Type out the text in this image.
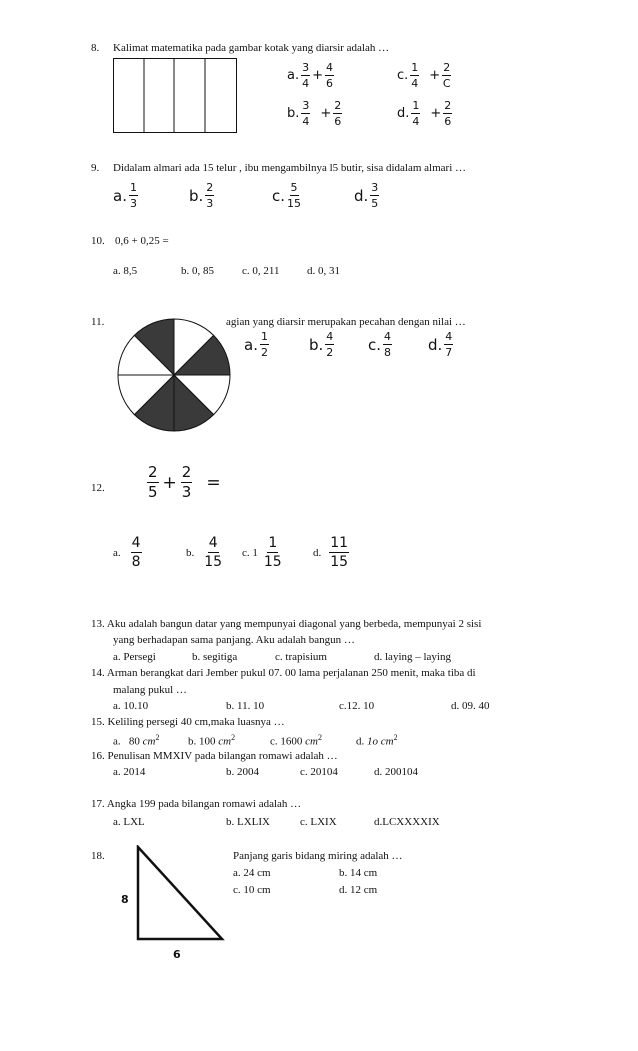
8. Kalimat matematika pada gambar kotak yang diarsir adalah …
a. $\frac{3}{4} + \frac{4}{6}$	c. $\frac{1}{4} + \frac{2}{C}$
b. $\frac{3}{4} + \frac{2}{6}$	d. $\frac{1}{4} + \frac{2}{6}$
9. Didalam almari ada 15 telur , ibu mengambilnya l5 butir, sisa didalam almari …
a. $\frac{1}{3}$	b. $\frac{2}{3}$	c. $\frac{5}{15}$	d. $\frac{3}{5}$
10. 0,6 + 0,25 =
a. 8,5	b. 0, 85	c. 0, 211	d. 0, 31
11.	agian yang diarsir merupakan pecahan dengan nilai …
a. $\frac{1}{2}$	b. $\frac{4}{2} c$. $\frac{4}{8} d$. $\frac{4}{7}$
12.	$\frac{2}{5} + \frac{2}{3}$ =
a. $\frac{4}{8}$	b. $\frac{4}{15} c$. $1 \frac{1}{15}$	d. $\frac{11}{15}$
13. Aku adalah bangun datar yang mempunyai diagonal yang berbeda, mempunyai 2 sisi
yang berhadapan sama panjang. Aku adalah bangun …
a. Persegi	b. segitiga	c. trapisium	d. laying – laying
14. Arman berangkat dari Jember pukul 07. 00 lama perjalanan 250 menit, maka tiba di
malang pukul …
a. 10.10	b. 11. 10	c.12. 10	d. 09. 40
15. Keliling persegi 40 cm,maka luasnya …
a. 80 $cm^2$	b. 100 $cm^2$	c. 1600 $cm^2$	d. 1o $cm^2$
16. Penulisan MMXIV pada bilangan romawi adalah …
a. 2014	b. 2004	c. 20104	d. 200104
17. Angka 199 pada bilangan romawi adalah …
a. LXL	b. LXLIX	c. LXIX	d.LCXXXXIX
18.
8
6
Panjang garis bidang miring adalah …
a. 24 cm	b. 14 cm
c. 10 cm	d. 12 cm
